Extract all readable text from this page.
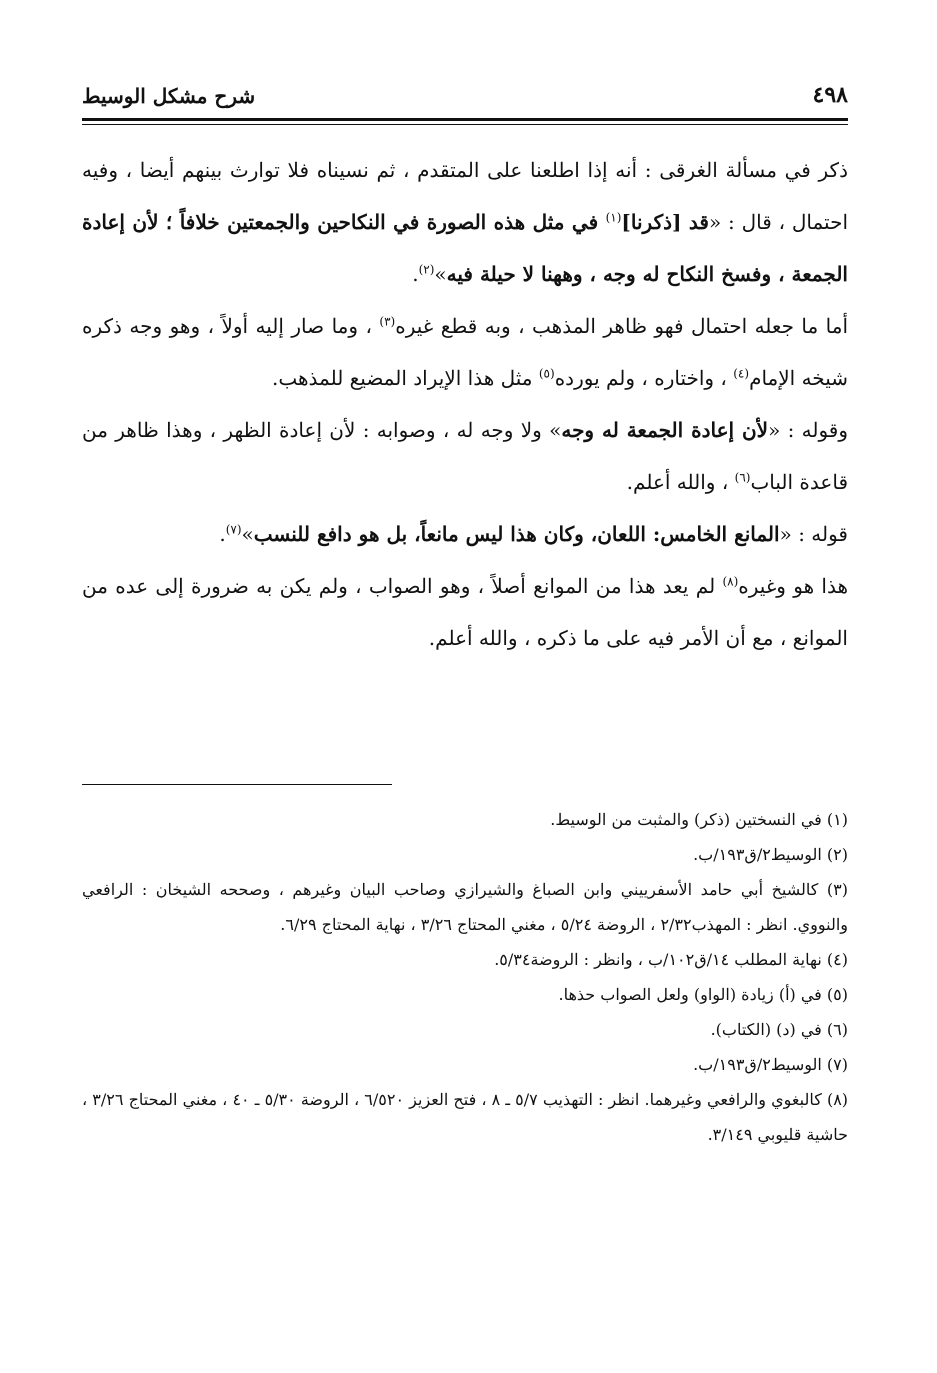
٤٩٨
شرح مشكل الوسيط

ذكر في مسألة الغرقى : أنه إذا اطلعنا على المتقدم ، ثم نسيناه فلا توارث بينهم أيضا ، وفيه احتمال ، قال : «قد [ذكرنا]$^{(١)}$ في مثل هذه الصورة في النكاحين والجمعتين خلافاً ؛ لأن إعادة الجمعة ، وفسخ النكاح له وجه ، وههنا لا حيلة فيه»$^{(٢)}$.

أما ما جعله احتمال فهو ظاهر المذهب ، وبه قطع غيره$^{(٣)}$ ، وما صار إليه أولاً ، وهو وجه ذكره شيخه الإمام$^{(٤)}$ ، واختاره ، ولم يورده$^{(٥)}$ مثل هذا الإيراد المضيع للمذهب.

وقوله : «لأن إعادة الجمعة له وجه» ولا وجه له ، وصوابه : لأن إعادة الظهر ، وهذا ظاهر من قاعدة الباب$^{(٦)}$ ، والله أعلم.

قوله : «المانع الخامس: اللعان، وكان هذا ليس مانعاً، بل هو دافع للنسب»$^{(٧)}$.

هذا هو وغيره$^{(٨)}$ لم يعد هذا من الموانع أصلاً ، وهو الصواب ، ولم يكن به ضرورة إلى عده من الموانع ، مع أن الأمر فيه على ما ذكره ، والله أعلم.

(١) في النسختين (ذكر) والمثبت من الوسيط.

(٢) الوسيط٢/ق١٩٣/ب.

(٣) كالشيخ أبي حامد الأسفرييني وابن الصباغ والشيرازي وصاحب البيان وغيرهم ، وصححه الشيخان : الرافعي والنووي. انظر : المهذب٢/٣٢ ، الروضة ٥/٢٤ ، مغني المحتاج ٣/٢٦ ، نهاية المحتاج ٦/٢٩.

(٤) نهاية المطلب ١٤/ق١٠٢/ب ، وانظر : الروضة٥/٣٤.

(٥) في (أ) زيادة (الواو) ولعل الصواب حذها.

(٦) في (د) (الكتاب).

(٧) الوسيط٢/ق١٩٣/ب.

(٨) كالبغوي والرافعي وغيرهما. انظر : التهذيب ٥/٧ ـ ٨ ، فتح العزيز ٦/٥٢٠ ، الروضة ٥/٣٠ ـ ٤٠ ، مغني المحتاج ٣/٢٦ ، حاشية قليوبي ٣/١٤٩.
